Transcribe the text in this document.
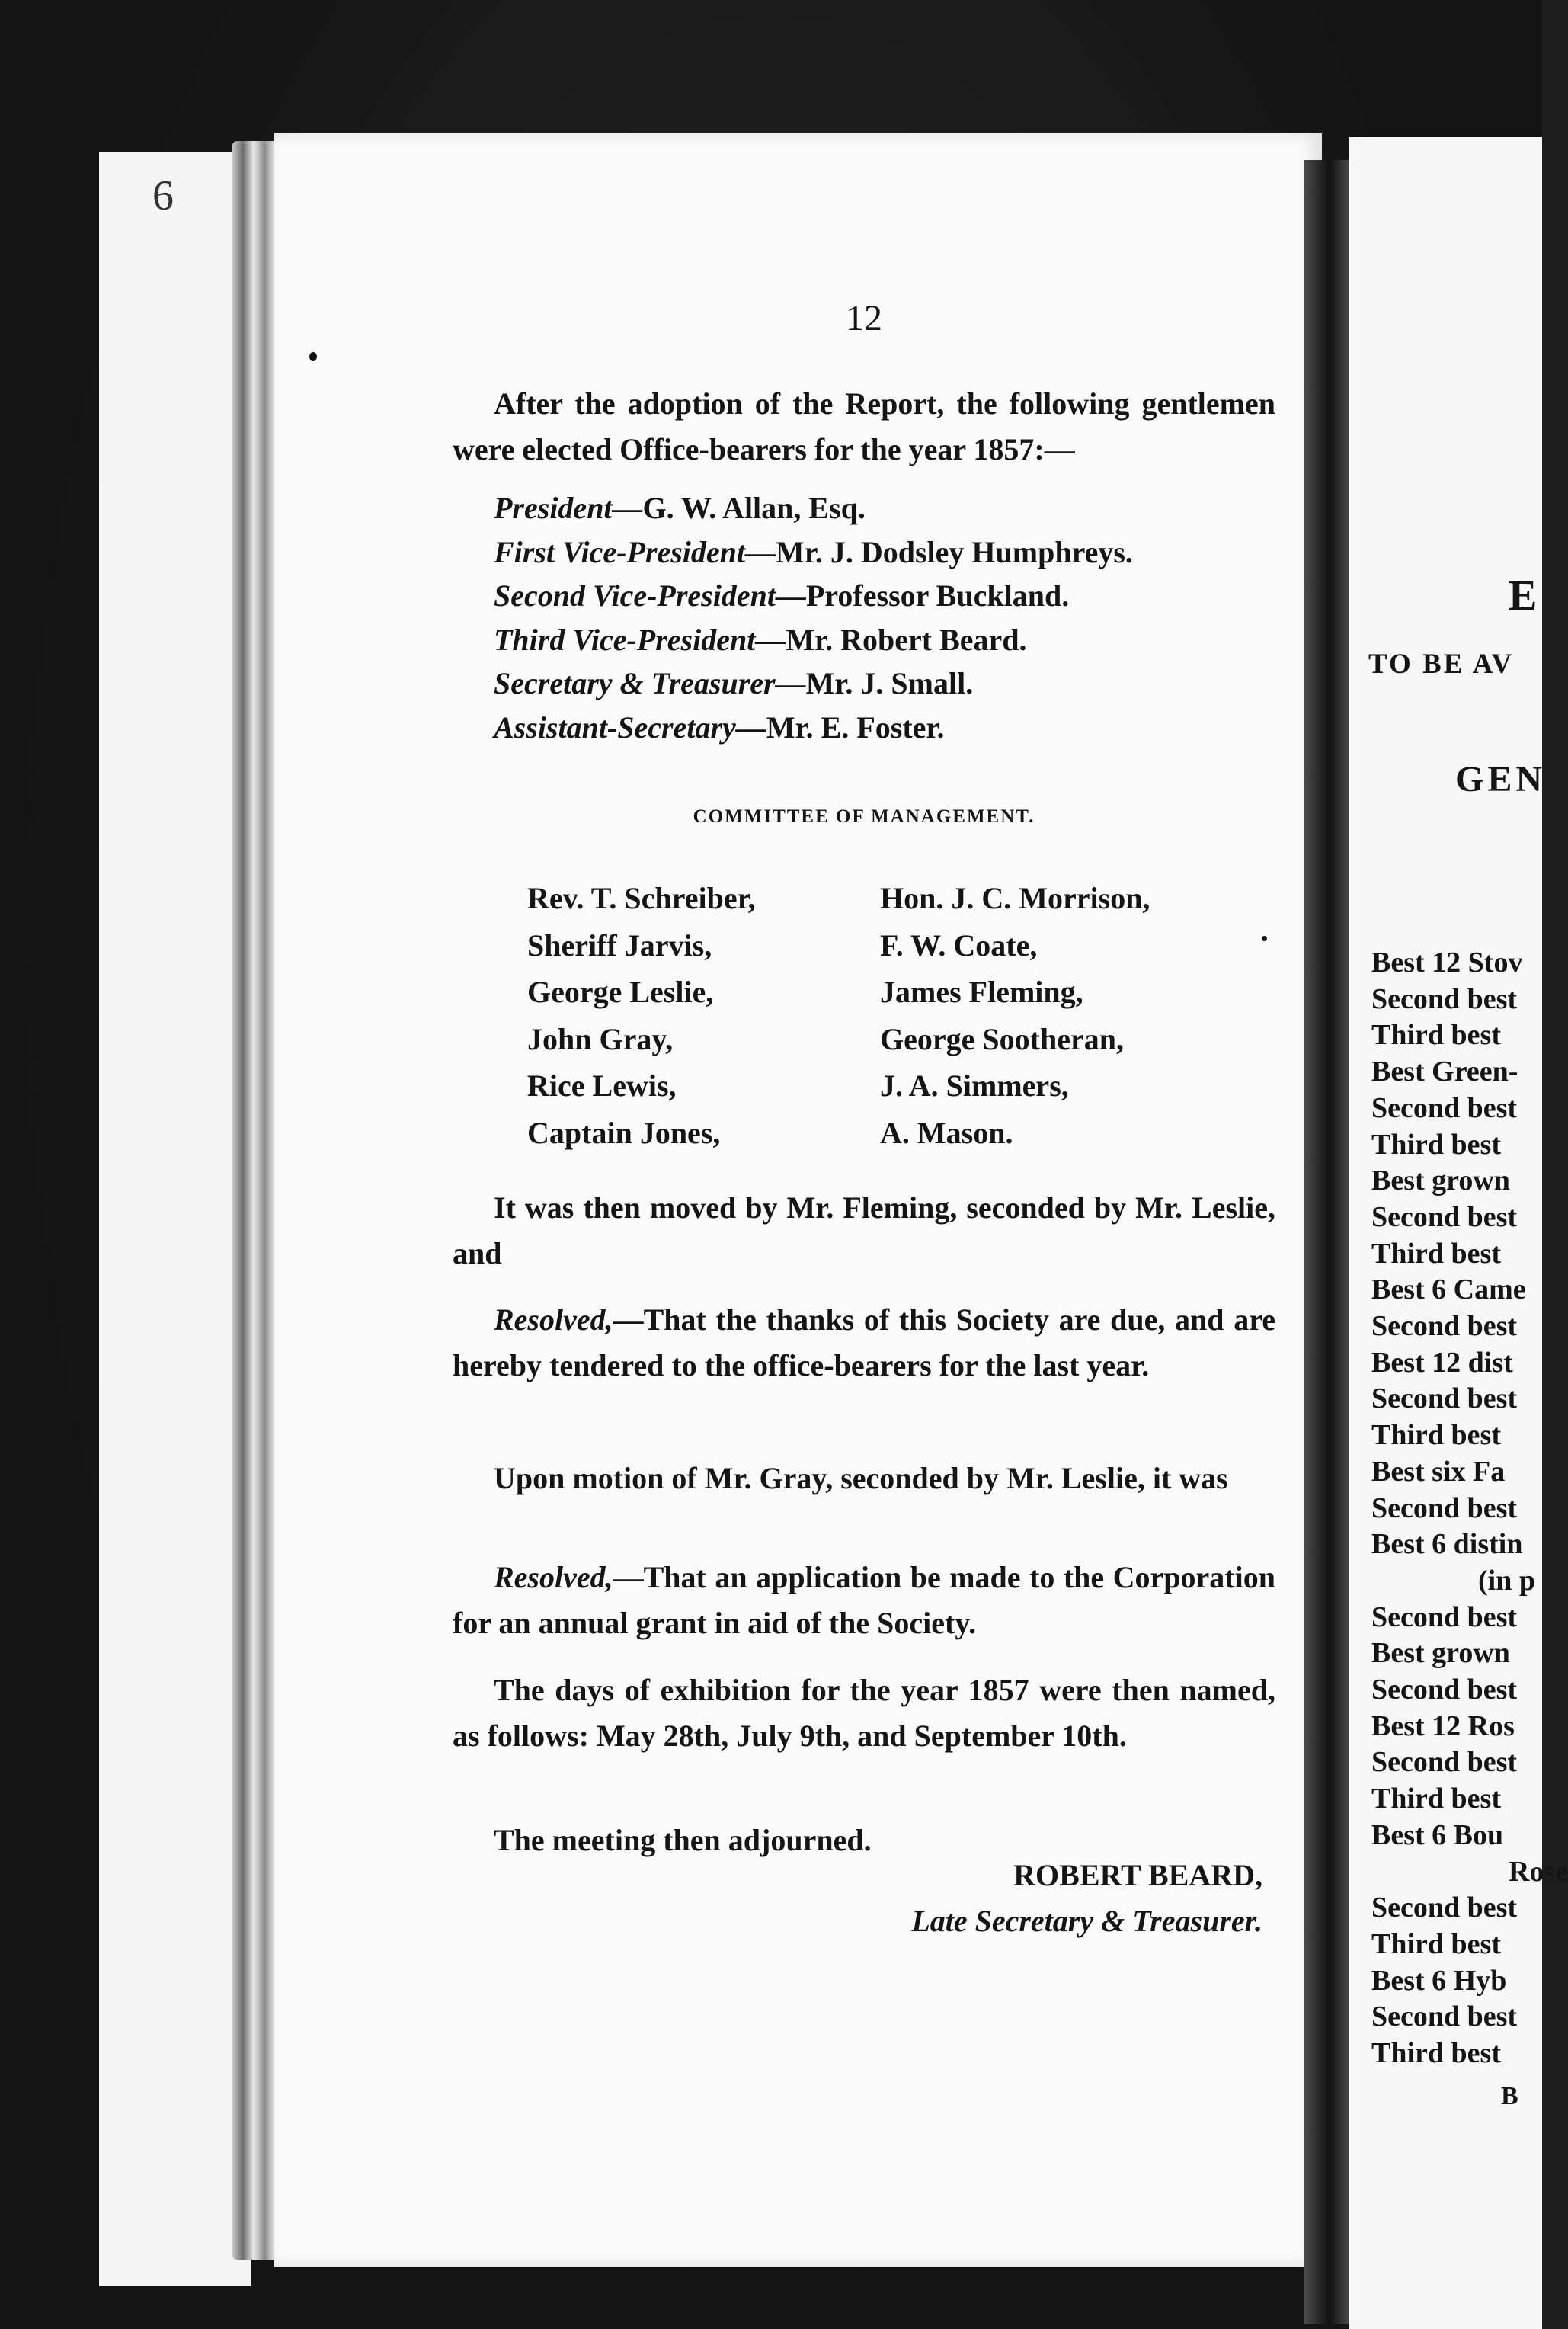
6
12

After the adoption of the Report, the following gentlemen were elected Office-bearers for the year 1857:—

President—G. W. Allan, Esq.
First Vice-President—Mr. J. Dodsley Humphreys.
Second Vice-President—Professor Buckland.
Third Vice-President—Mr. Robert Beard.
Secretary & Treasurer—Mr. J. Small.
Assistant-Secretary—Mr. E. Foster.
COMMITTEE OF MANAGEMENT.
Rev. T. Schreiber,
Sheriff Jarvis,
George Leslie,
John Gray,
Rice Lewis,
Captain Jones,
Hon. J. C. Morrison,
F. W. Coate,
James Fleming,
George Sootheran,
J. A. Simmers,
A. Mason.

It was then moved by Mr. Fleming, seconded by Mr. Leslie, and

Resolved,—That the thanks of this Society are due, and are hereby tendered to the office-bearers for the last year.

Upon motion of Mr. Gray, seconded by Mr. Leslie, it was

Resolved,—That an application be made to the Corporation for an annual grant in aid of the Society.

The days of exhibition for the year 1857 were then named, as follows: May 28th, July 9th, and September 10th.

The meeting then adjourned.

ROBERT BEARD,
Late Secretary & Treasurer.
E
TO BE AV
GEN
Best 12 Stov
Second best
Third best
Best Green-
Second best
Third best
Best grown
Second best
Third best
Best 6 Came
Second best
Best 12 dist
Second best
Third best
Best six Fa
Second best
Best 6 distin
(in p
Second best
Best grown
Second best
Best 12 Ros
Second best
Third best
Best 6 Bou
Rose
Second best
Third best
Best 6 Hyb
Second best
Third best
B
